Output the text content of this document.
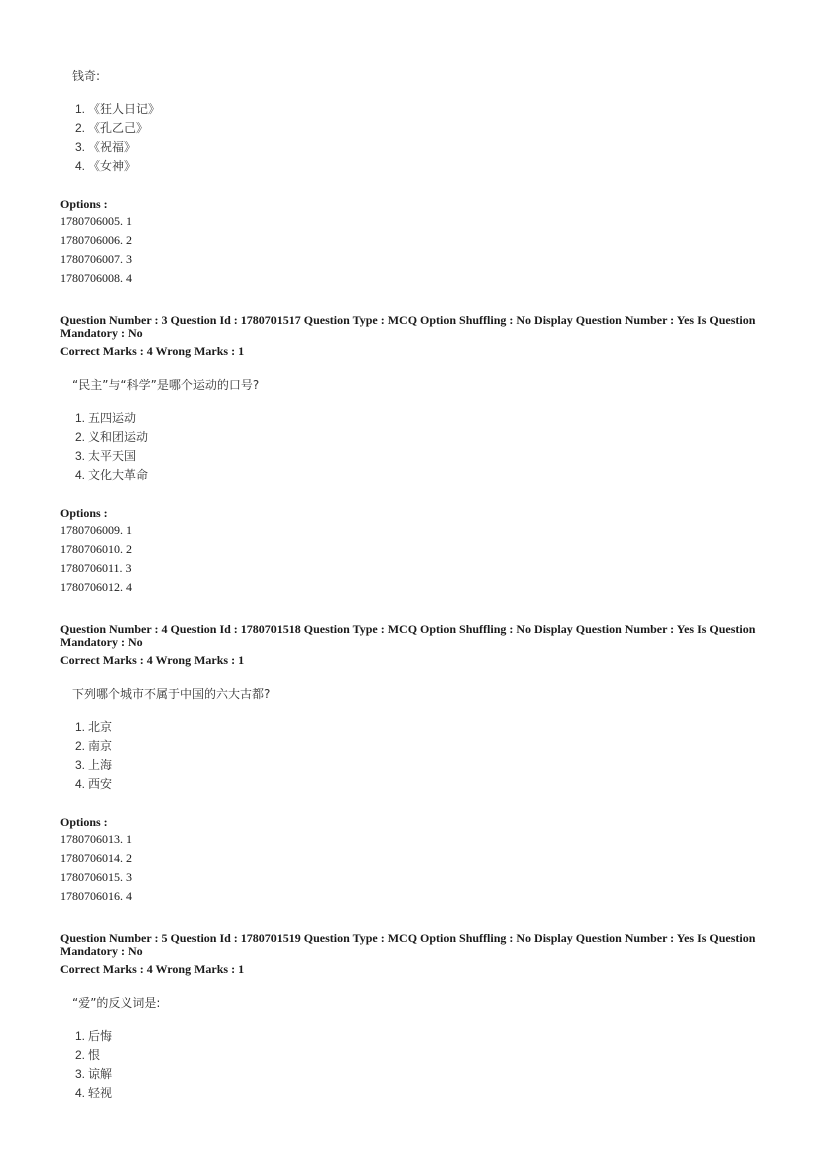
钱奇:
1. 《狂人日记》
2. 《孔乙己》
3. 《祝福》
4. 《女神》
Options :
1780706005. 1
1780706006. 2
1780706007. 3
1780706008. 4
Question Number : 3 Question Id : 1780701517 Question Type : MCQ Option Shuffling : No Display Question Number : Yes Is Question Mandatory : No
Correct Marks : 4 Wrong Marks : 1
“民主”与“科学”是哪个运动的口号?
1. 五四运动
2. 义和团运动
3. 太平天国
4. 文化大革命
Options :
1780706009. 1
1780706010. 2
1780706011. 3
1780706012. 4
Question Number : 4 Question Id : 1780701518 Question Type : MCQ Option Shuffling : No Display Question Number : Yes Is Question Mandatory : No
Correct Marks : 4 Wrong Marks : 1
下列哪个城市不属于中国的六大古都?
1. 北京
2. 南京
3. 上海
4. 西安
Options :
1780706013. 1
1780706014. 2
1780706015. 3
1780706016. 4
Question Number : 5 Question Id : 1780701519 Question Type : MCQ Option Shuffling : No Display Question Number : Yes Is Question Mandatory : No
Correct Marks : 4 Wrong Marks : 1
“爱”的反义词是:
1. 后悔
2. 恨
3. 谅解
4. 轻视
